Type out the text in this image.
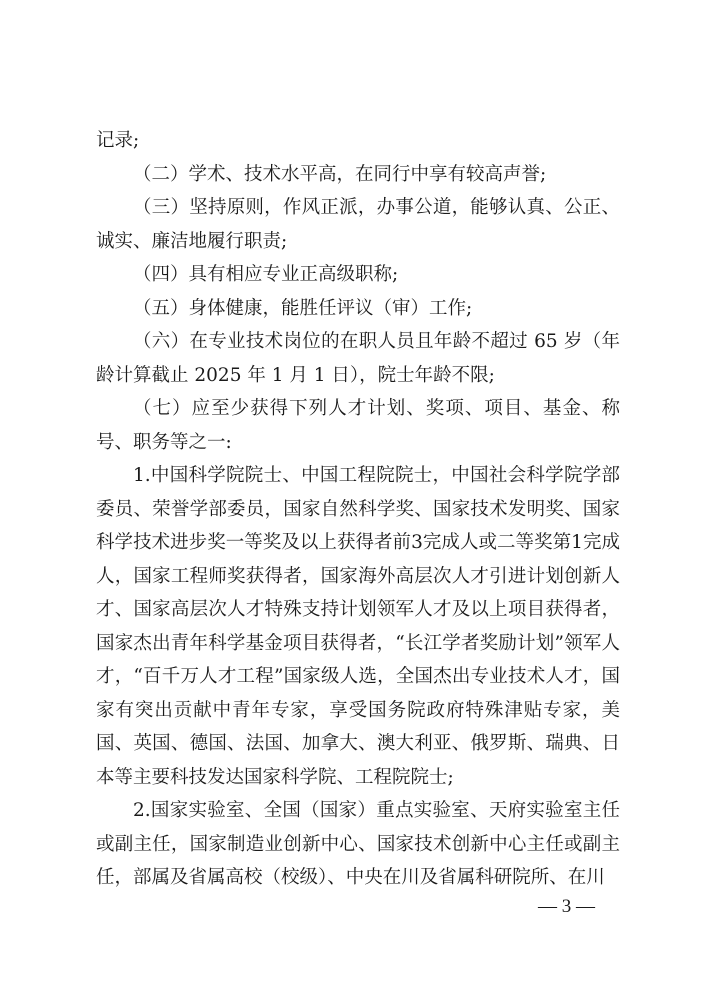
记录;

（二）学术、技术水平高，在同行中享有较高声誉;

（三）坚持原则，作风正派，办事公道，能够认真、公正、诚实、廉洁地履行职责;

（四）具有相应专业正高级职称;

（五）身体健康，能胜任评议（审）工作;

（六）在专业技术岗位的在职人员且年龄不超过 65 岁（年龄计算截止 2025 年 1 月 1 日），院士年龄不限;

（七）应至少获得下列人才计划、奖项、项目、基金、称号、职务等之一:

1.中国科学院院士、中国工程院院士，中国社会科学院学部委员、荣誉学部委员，国家自然科学奖、国家技术发明奖、国家科学技术进步奖一等奖及以上获得者前3完成人或二等奖第1完成人，国家工程师奖获得者，国家海外高层次人才引进计划创新人才、国家高层次人才特殊支持计划领军人才及以上项目获得者，国家杰出青年科学基金项目获得者，“长江学者奖励计划”领军人才，“百千万人才工程”国家级人选，全国杰出专业技术人才，国家有突出贡献中青年专家，享受国务院政府特殊津贴专家，美国、英国、德国、法国、加拿大、澳大利亚、俄罗斯、瑞典、日本等主要科技发达国家科学院、工程院院士;

2.国家实验室、全国（国家）重点实验室、天府实验室主任或副主任，国家制造业创新中心、国家技术创新中心主任或副主任，部属及省属高校（校级）、中央在川及省属科研院所、在川

— 3 —
